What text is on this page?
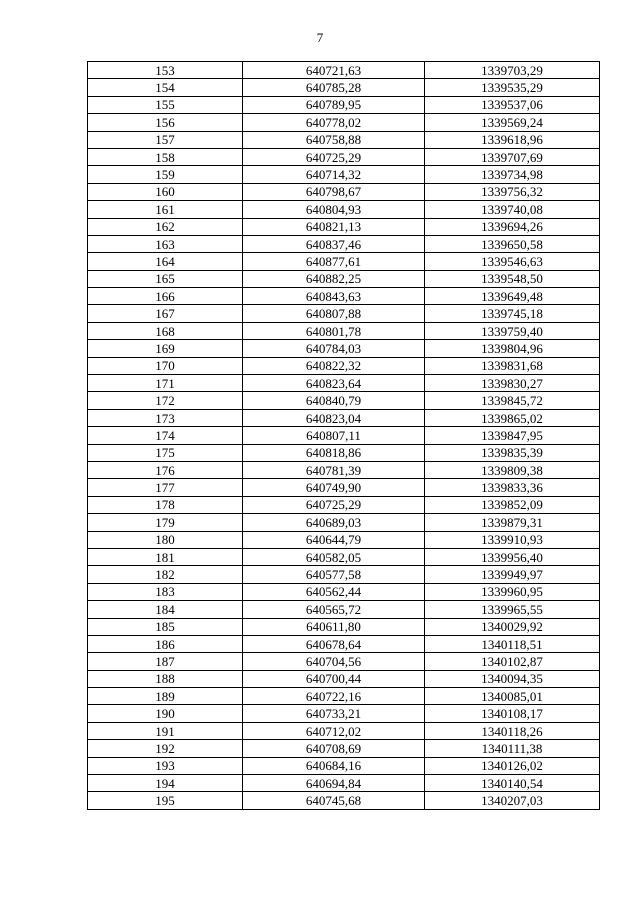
7
153	640721,63	1339703,29
154	640785,28	1339535,29
155	640789,95	1339537,06
156	640778,02	1339569,24
157	640758,88	1339618,96
158	640725,29	1339707,69
159	640714,32	1339734,98
160	640798,67	1339756,32
161	640804,93	1339740,08
162	640821,13	1339694,26
163	640837,46	1339650,58
164	640877,61	1339546,63
165	640882,25	1339548,50
166	640843,63	1339649,48
167	640807,88	1339745,18
168	640801,78	1339759,40
169	640784,03	1339804,96
170	640822,32	1339831,68
171	640823,64	1339830,27
172	640840,79	1339845,72
173	640823,04	1339865,02
174	640807,11	1339847,95
175	640818,86	1339835,39
176	640781,39	1339809,38
177	640749,90	1339833,36
178	640725,29	1339852,09
179	640689,03	1339879,31
180	640644,79	1339910,93
181	640582,05	1339956,40
182	640577,58	1339949,97
183	640562,44	1339960,95
184	640565,72	1339965,55
185	640611,80	1340029,92
186	640678,64	1340118,51
187	640704,56	1340102,87
188	640700,44	1340094,35
189	640722,16	1340085,01
190	640733,21	1340108,17
191	640712,02	1340118,26
192	640708,69	1340111,38
193	640684,16	1340126,02
194	640694,84	1340140,54
195	640745,68	1340207,03
